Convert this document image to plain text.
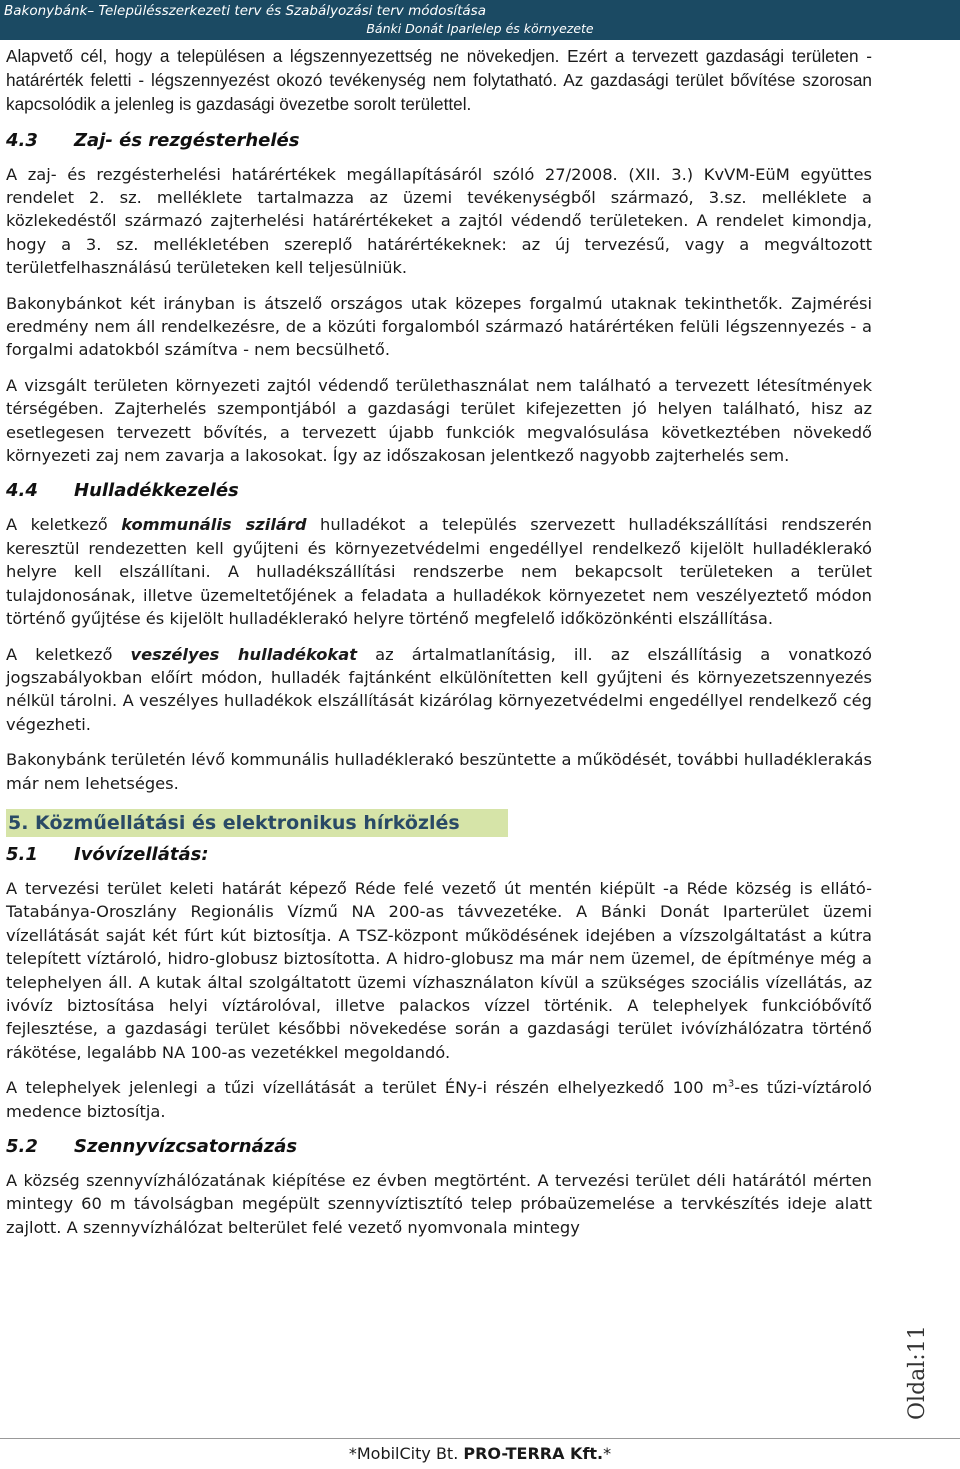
Bakonybánk– Településszerkezeti terv és Szabályozási terv módosítása
Bánki Donát Iparlelep és környezete

Alapvető cél, hogy a településen a légszennyezettség ne növekedjen. Ezért a tervezett gazdasági területen - határérték feletti - légszennyezést okozó tevékenység nem folytatható. Az gazdasági terület bővítése szorosan kapcsolódik a jelenleg is gazdasági övezetbe sorolt területtel.

4.3 Zaj- és rezgésterhelés

A zaj- és rezgésterhelési határértékek megállapításáról szóló 27/2008. (XII. 3.) KvVM-EüM együttes rendelet 2. sz. melléklete tartalmazza az üzemi tevékenységből származó, 3.sz. melléklete a közlekedéstől származó zajterhelési határértékeket a zajtól védendő területeken. A rendelet kimondja, hogy a 3. sz. mellékletében szereplő határértékeknek: az új tervezésű, vagy a megváltozott területfelhasználású területeken kell teljesülniük.

Bakonybánkot két irányban is átszelő országos utak közepes forgalmú utaknak tekinthetők. Zajmérési eredmény nem áll rendelkezésre, de a közúti forgalomból származó határértéken felüli légszennyezés - a forgalmi adatokból számítva - nem becsülhető.

A vizsgált területen környezeti zajtól védendő területhasználat nem található a tervezett létesítmények térségében. Zajterhelés szempontjából a gazdasági terület kifejezetten jó helyen található, hisz az esetlegesen tervezett bővítés, a tervezett újabb funkciók megvalósulása következtében növekedő környezeti zaj nem zavarja a lakosokat. Így az időszakosan jelentkező nagyobb zajterhelés sem.

4.4 Hulladékkezelés

A keletkező kommunális szilárd hulladékot a település szervezett hulladékszállítási rendszerén keresztül rendezetten kell gyűjteni és környezetvédelmi engedéllyel rendelkező kijelölt hulladéklerakó helyre kell elszállítani. A hulladékszállítási rendszerbe nem bekapcsolt területeken a terület tulajdonosának, illetve üzemeltetőjének a feladata a hulladékok környezetet nem veszélyeztető módon történő gyűjtése és kijelölt hulladéklerakó helyre történő megfelelő időközönkénti elszállítása.

A keletkező veszélyes hulladékokat az ártalmatlanításig, ill. az elszállításig a vonatkozó jogszabályokban előírt módon, hulladék fajtánként elkülönítetten kell gyűjteni és környezetszennyezés nélkül tárolni. A veszélyes hulladékok elszállítását kizárólag környezetvédelmi engedéllyel rendelkező cég végezheti.

Bakonybánk területén lévő kommunális hulladéklerakó beszüntette a működését, további hulladéklerakás már nem lehetséges.

5. Közműellátási és elektronikus hírközlés
5.1 Ivóvízellátás:

A tervezési terület keleti határát képező Réde felé vezető út mentén kiépült -a Réde község is ellátó- Tatabánya-Oroszlány Regionális Vízmű NA 200-as távvezetéke. A Bánki Donát Iparterület üzemi vízellátását saját két fúrt kút biztosítja. A TSZ-központ működésének idejében a vízszolgáltatást a kútra telepített víztároló, hidro-globusz biztosította. A hidro-globusz ma már nem üzemel, de építménye még a telephelyen áll. A kutak által szolgáltatott üzemi vízhasználaton kívül a szükséges szociális vízellátás, az ivóvíz biztosítása helyi víztárolóval, illetve palackos vízzel történik. A telephelyek funkcióbővítő fejlesztése, a gazdasági terület későbbi növekedése során a gazdasági terület ivóvízhálózatra történő rákötése, legalább NA 100-as vezetékkel megoldandó.

A telephelyek jelenlegi a tűzi vízellátását a terület ÉNy-i részén elhelyezkedő 100 $m^3-es$ tűzi-víztároló medence biztosítja.

5.2 Szennyvízcsatornázás

A község szennyvízhálózatának kiépítése ez évben megtörtént. A tervezési terület déli határától mérten mintegy 60 m távolságban megépült szennyvíztisztító telep próbaüzemelése a tervkészítés ideje alatt zajlott. A szennyvízhálózat belterület felé vezető nyomvonala mintegy

Oldal:11
*MobilCity Bt. PRO-TERRA Kft.*
